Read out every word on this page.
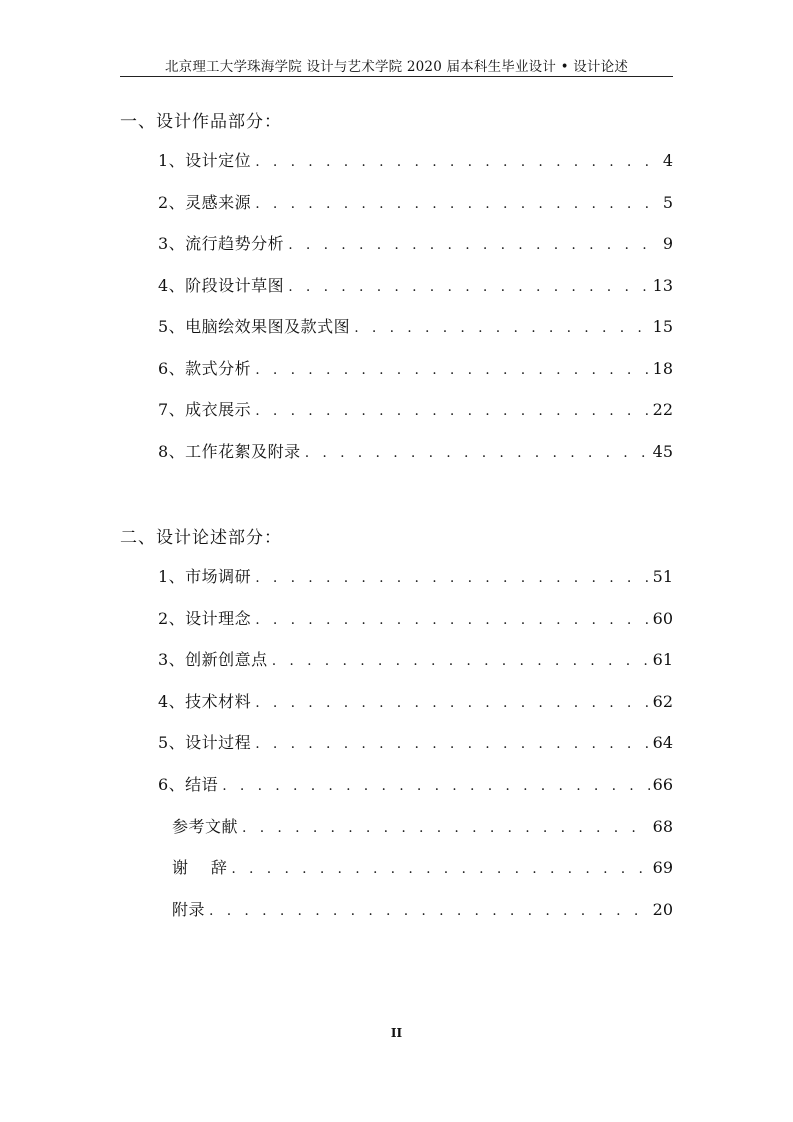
北京理工大学珠海学院 设计与艺术学院 2020 届本科生毕业设计 • 设计论述
一、设计作品部分：
1、设计定位 . . .	4
2、灵感来源 . . .	5
3、流行趋势分析 . . .	9
4、阶段设计草图 . . .	13
5、电脑绘效果图及款式图 . . .	15
6、款式分析 . . .	18
7、成衣展示 . . .	22
8、工作花絮及附录 . . .	45
二、设计论述部分：
1、市场调研 . . .	51
2、设计理念 . . .	60
3、创新创意点 . . .	61
4、技术材料 . . .	62
5、设计过程 . . .	64
6、结语 . . .	66
参考文献 . . .	68
谢    辞 . . .	69
附录 . . .	20
II
